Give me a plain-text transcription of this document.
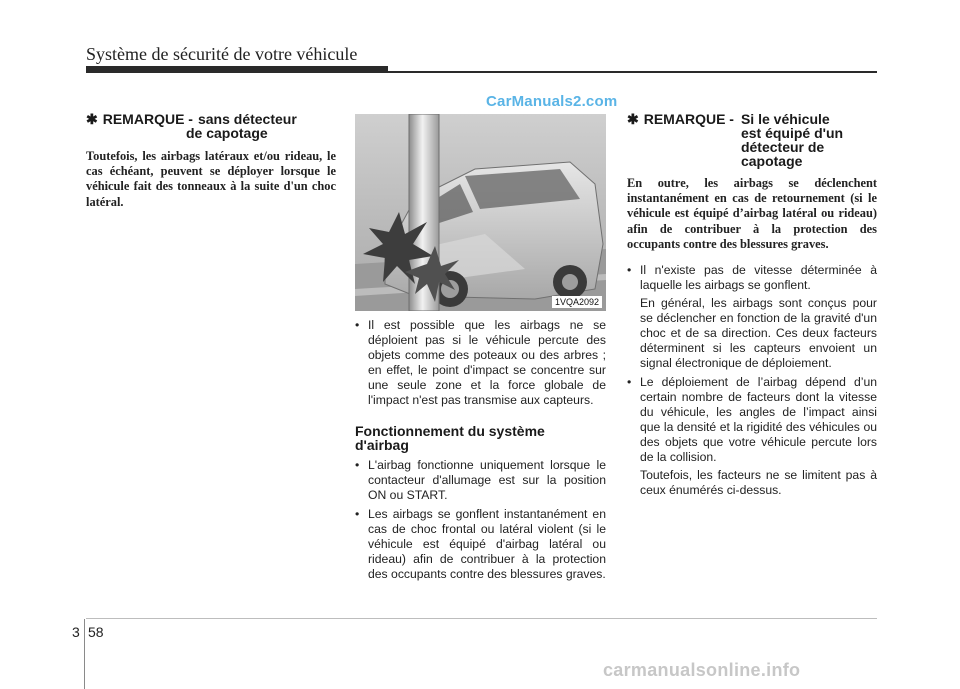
Système de sécurité de votre véhicule
CarManuals2.com
✱ REMARQUE - sans détecteur
de capotage

Toutefois, les airbags latéraux et/ou rideau, le cas échéant, peuvent se déployer lorsque le véhicule fait des tonneaux à la suite d'un choc latéral.

1VQA2092
• Il est possible que les airbags ne se déploient pas si le véhicule percute des objets comme des poteaux ou des arbres ; en effet, le point d'impact se concentre sur une seule zone et la force globale de l'impact n'est pas transmise aux capteurs.
Fonctionnement du système
d'airbag
• L'airbag fonctionne uniquement lorsque le contacteur d'allumage est sur la position ON ou START.
• Les airbags se gonflent instantanément en cas de choc frontal ou latéral violent (si le véhicule est équipé d'airbag latéral ou rideau) afin de contribuer à la protection des occupants contre des blessures graves.
✱ REMARQUE - Si le véhicule
est équipé d'un
détecteur de
capotage

En outre, les airbags se déclenchent instantanément en cas de retournement (si le véhicule est équipé d’airbag latéral ou rideau) afin de contribuer à la protection des occupants contre des blessures graves.

• Il n'existe pas de vitesse déterminée à laquelle les airbags se gonflent.

En général, les airbags sont conçus pour se déclencher en fonction de la gravité d'un choc et de sa direction. Ces deux facteurs déterminent si les capteurs envoient un signal électronique de déploiement.

• Le déploiement de l’airbag dépend d’un certain nombre de facteurs dont la vitesse du véhicule, les angles de l’impact ainsi que la densité et la rigidité des véhicules ou des objets que votre véhicule percute lors de la collision.

Toutefois, les facteurs ne se limitent pas à ceux énumérés ci-dessus.

3 58
carmanualsonline.info
